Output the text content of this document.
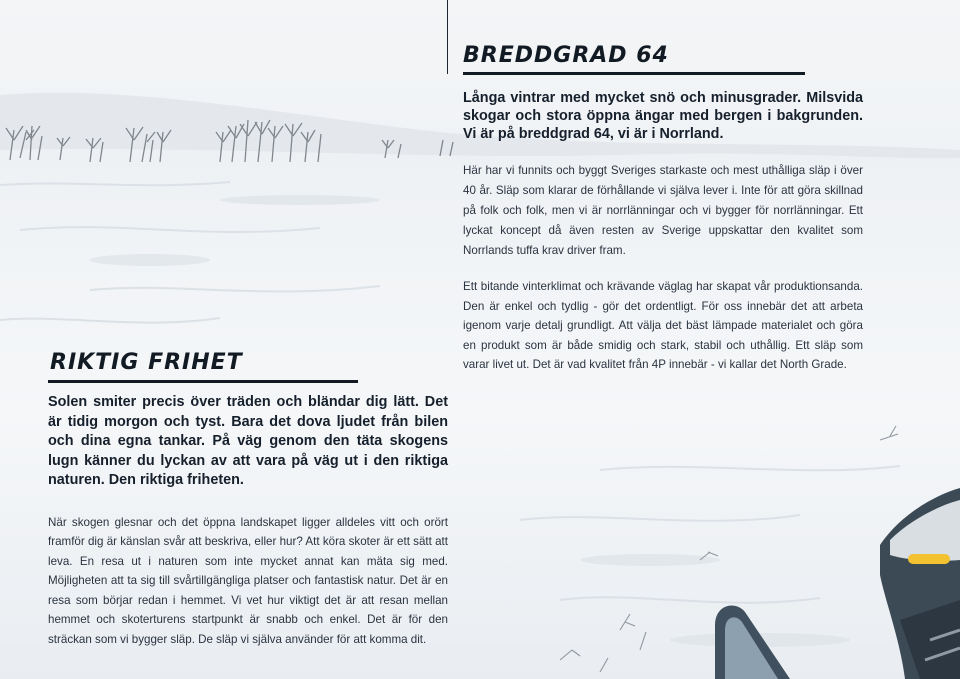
BREDDGRAD 64

Långa vintrar med mycket snö och minusgrader. Milsvida skogar och stora öppna ängar med bergen i bakgrunden. Vi är på breddgrad 64, vi är i Norrland.

Här har vi funnits och byggt Sveriges starkaste och mest uthålliga släp i över 40 år. Släp som klarar de förhållande vi själva lever i. Inte för att göra skillnad på folk och folk, men vi är norrlänningar och vi bygger för norrlänningar. Ett lyckat koncept då även resten av Sverige uppskattar den kvalitet som Norrlands tuffa krav driver fram.

Ett bitande vinterklimat och krävande väglag har skapat vår produktionsanda. Den är enkel och tydlig - gör det ordentligt. För oss innebär det att arbeta igenom varje detalj grundligt. Att välja det bäst lämpade materialet och göra en produkt som är både smidig och stark, stabil och uthållig. Ett släp som varar livet ut. Det är vad kvalitet från 4P innebär - vi kallar det North Grade.

RIKTIG FRIHET

Solen smiter precis över träden och bländar dig lätt. Det är tidig morgon och tyst. Bara det dova ljudet från bilen och dina egna tankar. På väg genom den täta skogens lugn känner du lyckan av att vara på väg ut i den riktiga naturen. Den riktiga friheten.

När skogen glesnar och det öppna landskapet ligger alldeles vitt och orört framför dig är känslan svår att beskriva, eller hur? Att köra skoter är ett sätt att leva. En resa ut i naturen som inte mycket annat kan mäta sig med. Möjligheten att ta sig till svårtillgängliga platser och fantastisk natur. Det är en resa som börjar redan i hemmet. Vi vet hur viktigt det är att resan mellan hemmet och skoterturens startpunkt är snabb och enkel. Det är för den sträckan som vi bygger släp. De släp vi själva använder för att komma dit.
